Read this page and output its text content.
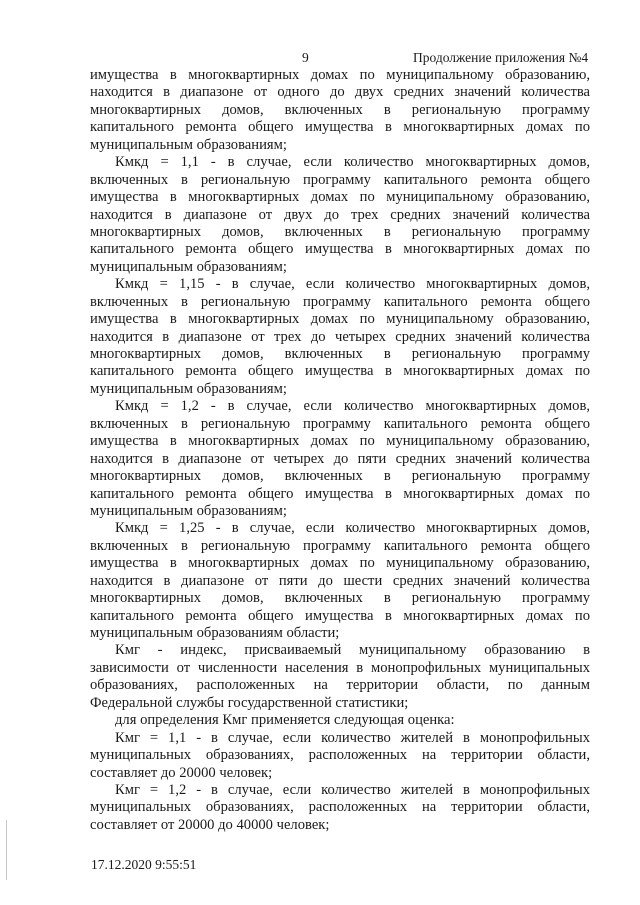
9	Продолжение приложения №4
имущества в многоквартирных домах по муниципальному образованию,
находится в диапазоне от одного до двух средних значений количества
многоквартирных домов, включенных в региональную программу
капитального ремонта общего имущества в многоквартирных домах по
муниципальным образованиям;
Кмкд = 1,1 - в случае, если количество многоквартирных домов,
включенных в региональную программу капитального ремонта общего
имущества в многоквартирных домах по муниципальному образованию,
находится в диапазоне от двух до трех средних значений количества
многоквартирных домов, включенных в региональную программу
капитального ремонта общего имущества в многоквартирных домах по
муниципальным образованиям;
Кмкд = 1,15 - в случае, если количество многоквартирных домов,
включенных в региональную программу капитального ремонта общего
имущества в многоквартирных домах по муниципальному образованию,
находится в диапазоне от трех до четырех средних значений количества
многоквартирных домов, включенных в региональную программу
капитального ремонта общего имущества в многоквартирных домах по
муниципальным образованиям;
Кмкд = 1,2 - в случае, если количество многоквартирных домов,
включенных в региональную программу капитального ремонта общего
имущества в многоквартирных домах по муниципальному образованию,
находится в диапазоне от четырех до пяти средних значений количества
многоквартирных домов, включенных в региональную программу
капитального ремонта общего имущества в многоквартирных домах по
муниципальным образованиям;
Кмкд = 1,25 - в случае, если количество многоквартирных домов,
включенных в региональную программу капитального ремонта общего
имущества в многоквартирных домах по муниципальному образованию,
находится в диапазоне от пяти до шести средних значений количества
многоквартирных домов, включенных в региональную программу
капитального ремонта общего имущества в многоквартирных домах по
муниципальным образованиям области;
Кмг - индекс, присваиваемый муниципальному образованию в
зависимости от численности населения в монопрофильных муниципальных
образованиях, расположенных на территории области, по данным
Федеральной службы государственной статистики;
для определения Кмг применяется следующая оценка:
Кмг = 1,1 - в случае, если количество жителей в монопрофильных
муниципальных образованиях, расположенных на территории области,
составляет до 20000 человек;
Кмг = 1,2 - в случае, если количество жителей в монопрофильных
муниципальных образованиях, расположенных на территории области,
составляет от 20000 до 40000 человек;
17.12.2020 9:55:51
